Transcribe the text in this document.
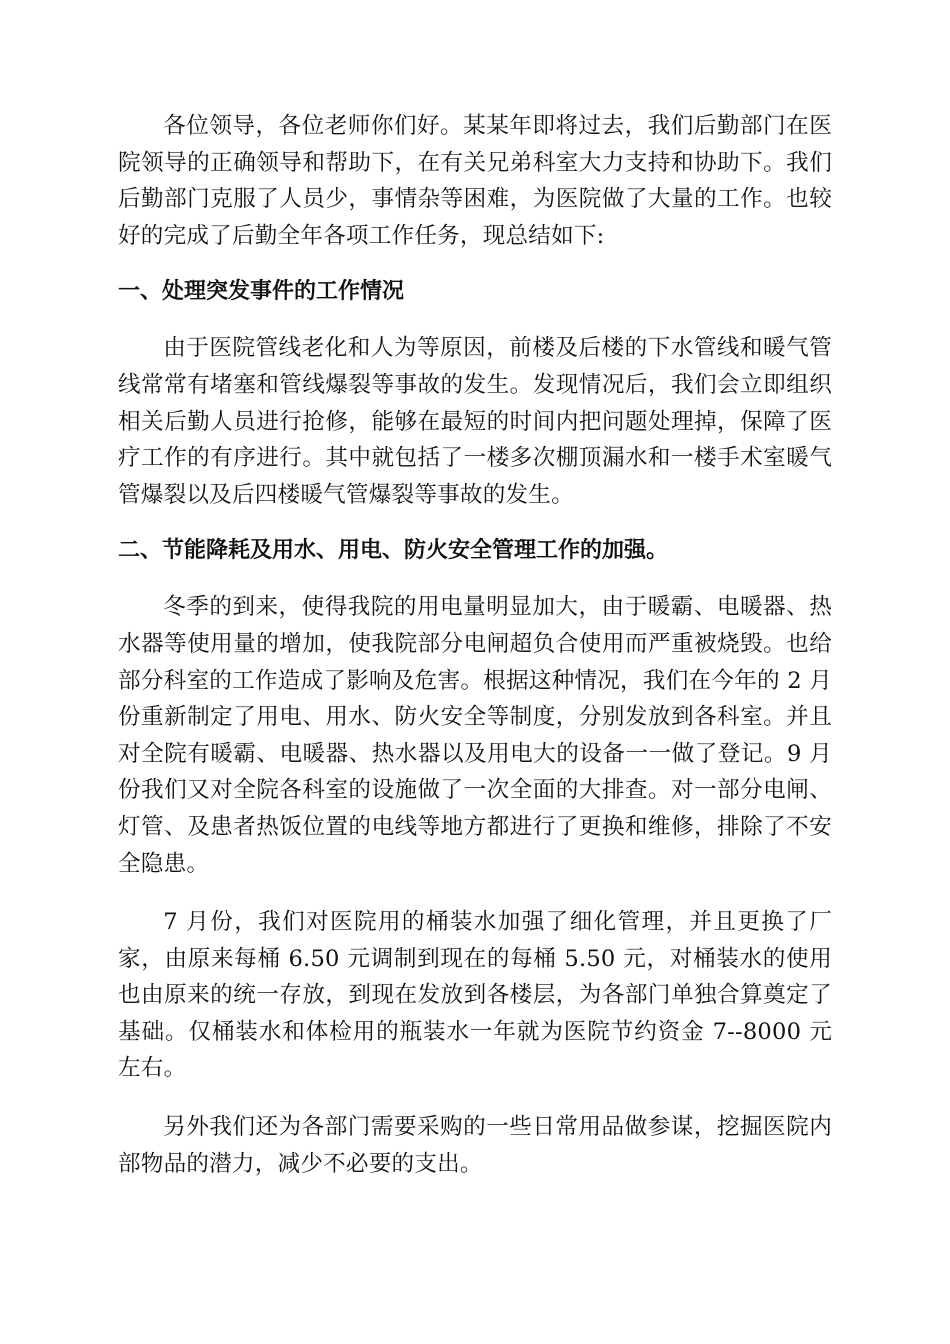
各位领导，各位老师你们好。某某年即将过去，我们后勤部门在医院领导的正确领导和帮助下，在有关兄弟科室大力支持和协助下。我们后勤部门克服了人员少，事情杂等困难，为医院做了大量的工作。也较好的完成了后勤全年各项工作任务，现总结如下:

一、处理突发事件的工作情况

由于医院管线老化和人为等原因，前楼及后楼的下水管线和暖气管线常常有堵塞和管线爆裂等事故的发生。发现情况后，我们会立即组织相关后勤人员进行抢修，能够在最短的时间内把问题处理掉，保障了医疗工作的有序进行。其中就包括了一楼多次棚顶漏水和一楼手术室暖气管爆裂以及后四楼暖气管爆裂等事故的发生。

二、节能降耗及用水、用电、防火安全管理工作的加强。

冬季的到来，使得我院的用电量明显加大，由于暖霸、电暖器、热水器等使用量的增加，使我院部分电闸超负合使用而严重被烧毁。也给部分科室的工作造成了影响及危害。根据这种情况，我们在今年的 2 月份重新制定了用电、用水、防火安全等制度，分别发放到各科室。并且对全院有暖霸、电暖器、热水器以及用电大的设备一一做了登记。9 月份我们又对全院各科室的设施做了一次全面的大排查。对一部分电闸、灯管、及患者热饭位置的电线等地方都进行了更换和维修，排除了不安全隐患。

7 月份，我们对医院用的桶装水加强了细化管理，并且更换了厂家，由原来每桶 6.50 元调制到现在的每桶 5.50 元，对桶装水的使用也由原来的统一存放，到现在发放到各楼层，为各部门单独合算奠定了基础。仅桶装水和体检用的瓶装水一年就为医院节约资金 7--8000 元左右。

另外我们还为各部门需要采购的一些日常用品做参谋，挖掘医院内部物品的潜力，减少不必要的支出。
